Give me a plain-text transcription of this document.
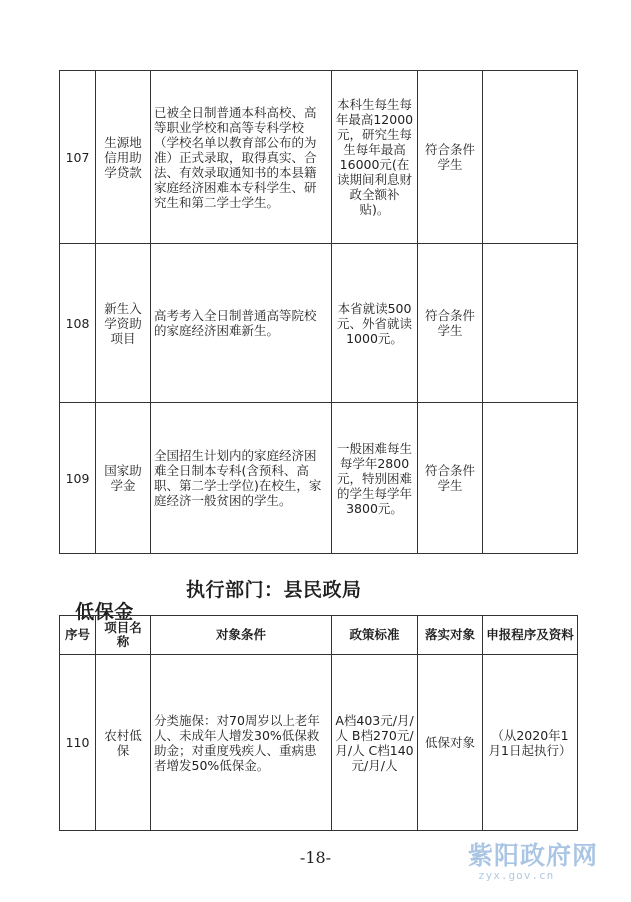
107	生源地信用助学贷款	已被全日制普通本科高校、高等职业学校和高等专科学校（学校名单以教育部公布的为准）正式录取，取得真实、合法、有效录取通知书的本县籍家庭经济困难本专科学生、研究生和第二学士学生。	本科生每生每年最高12000元，研究生每生每年最高16000元(在读期间利息财政全额补贴)。	符合条件学生	
108	新生入学资助项目	高考考入全日制普通高等院校的家庭经济困难新生。	本省就读500元、外省就读1000元。	符合条件学生	
109	国家助学金	全国招生计划内的家庭经济困难全日制本专科(含预科、高职、第二学士学位)在校生，家庭经济一般贫困的学生。	一般困难每生每学年2800元，特别困难的学生每学年3800元。	符合条件学生	

低保金

执行部门：县民政局

序号	项目名称	对象条件	政策标准	落实对象	申报程序及资料
110	农村低保	分类施保：对70周岁以上老年人、未成年人增发30%低保救助金；对重度残疾人、重病患者增发50%低保金。	A档403元/月/人 B档270元/月/人 C档140元/月/人	低保对象	（从2020年1月1日起执行）
-18-	紫阳政府网
zyx.gov.cn
